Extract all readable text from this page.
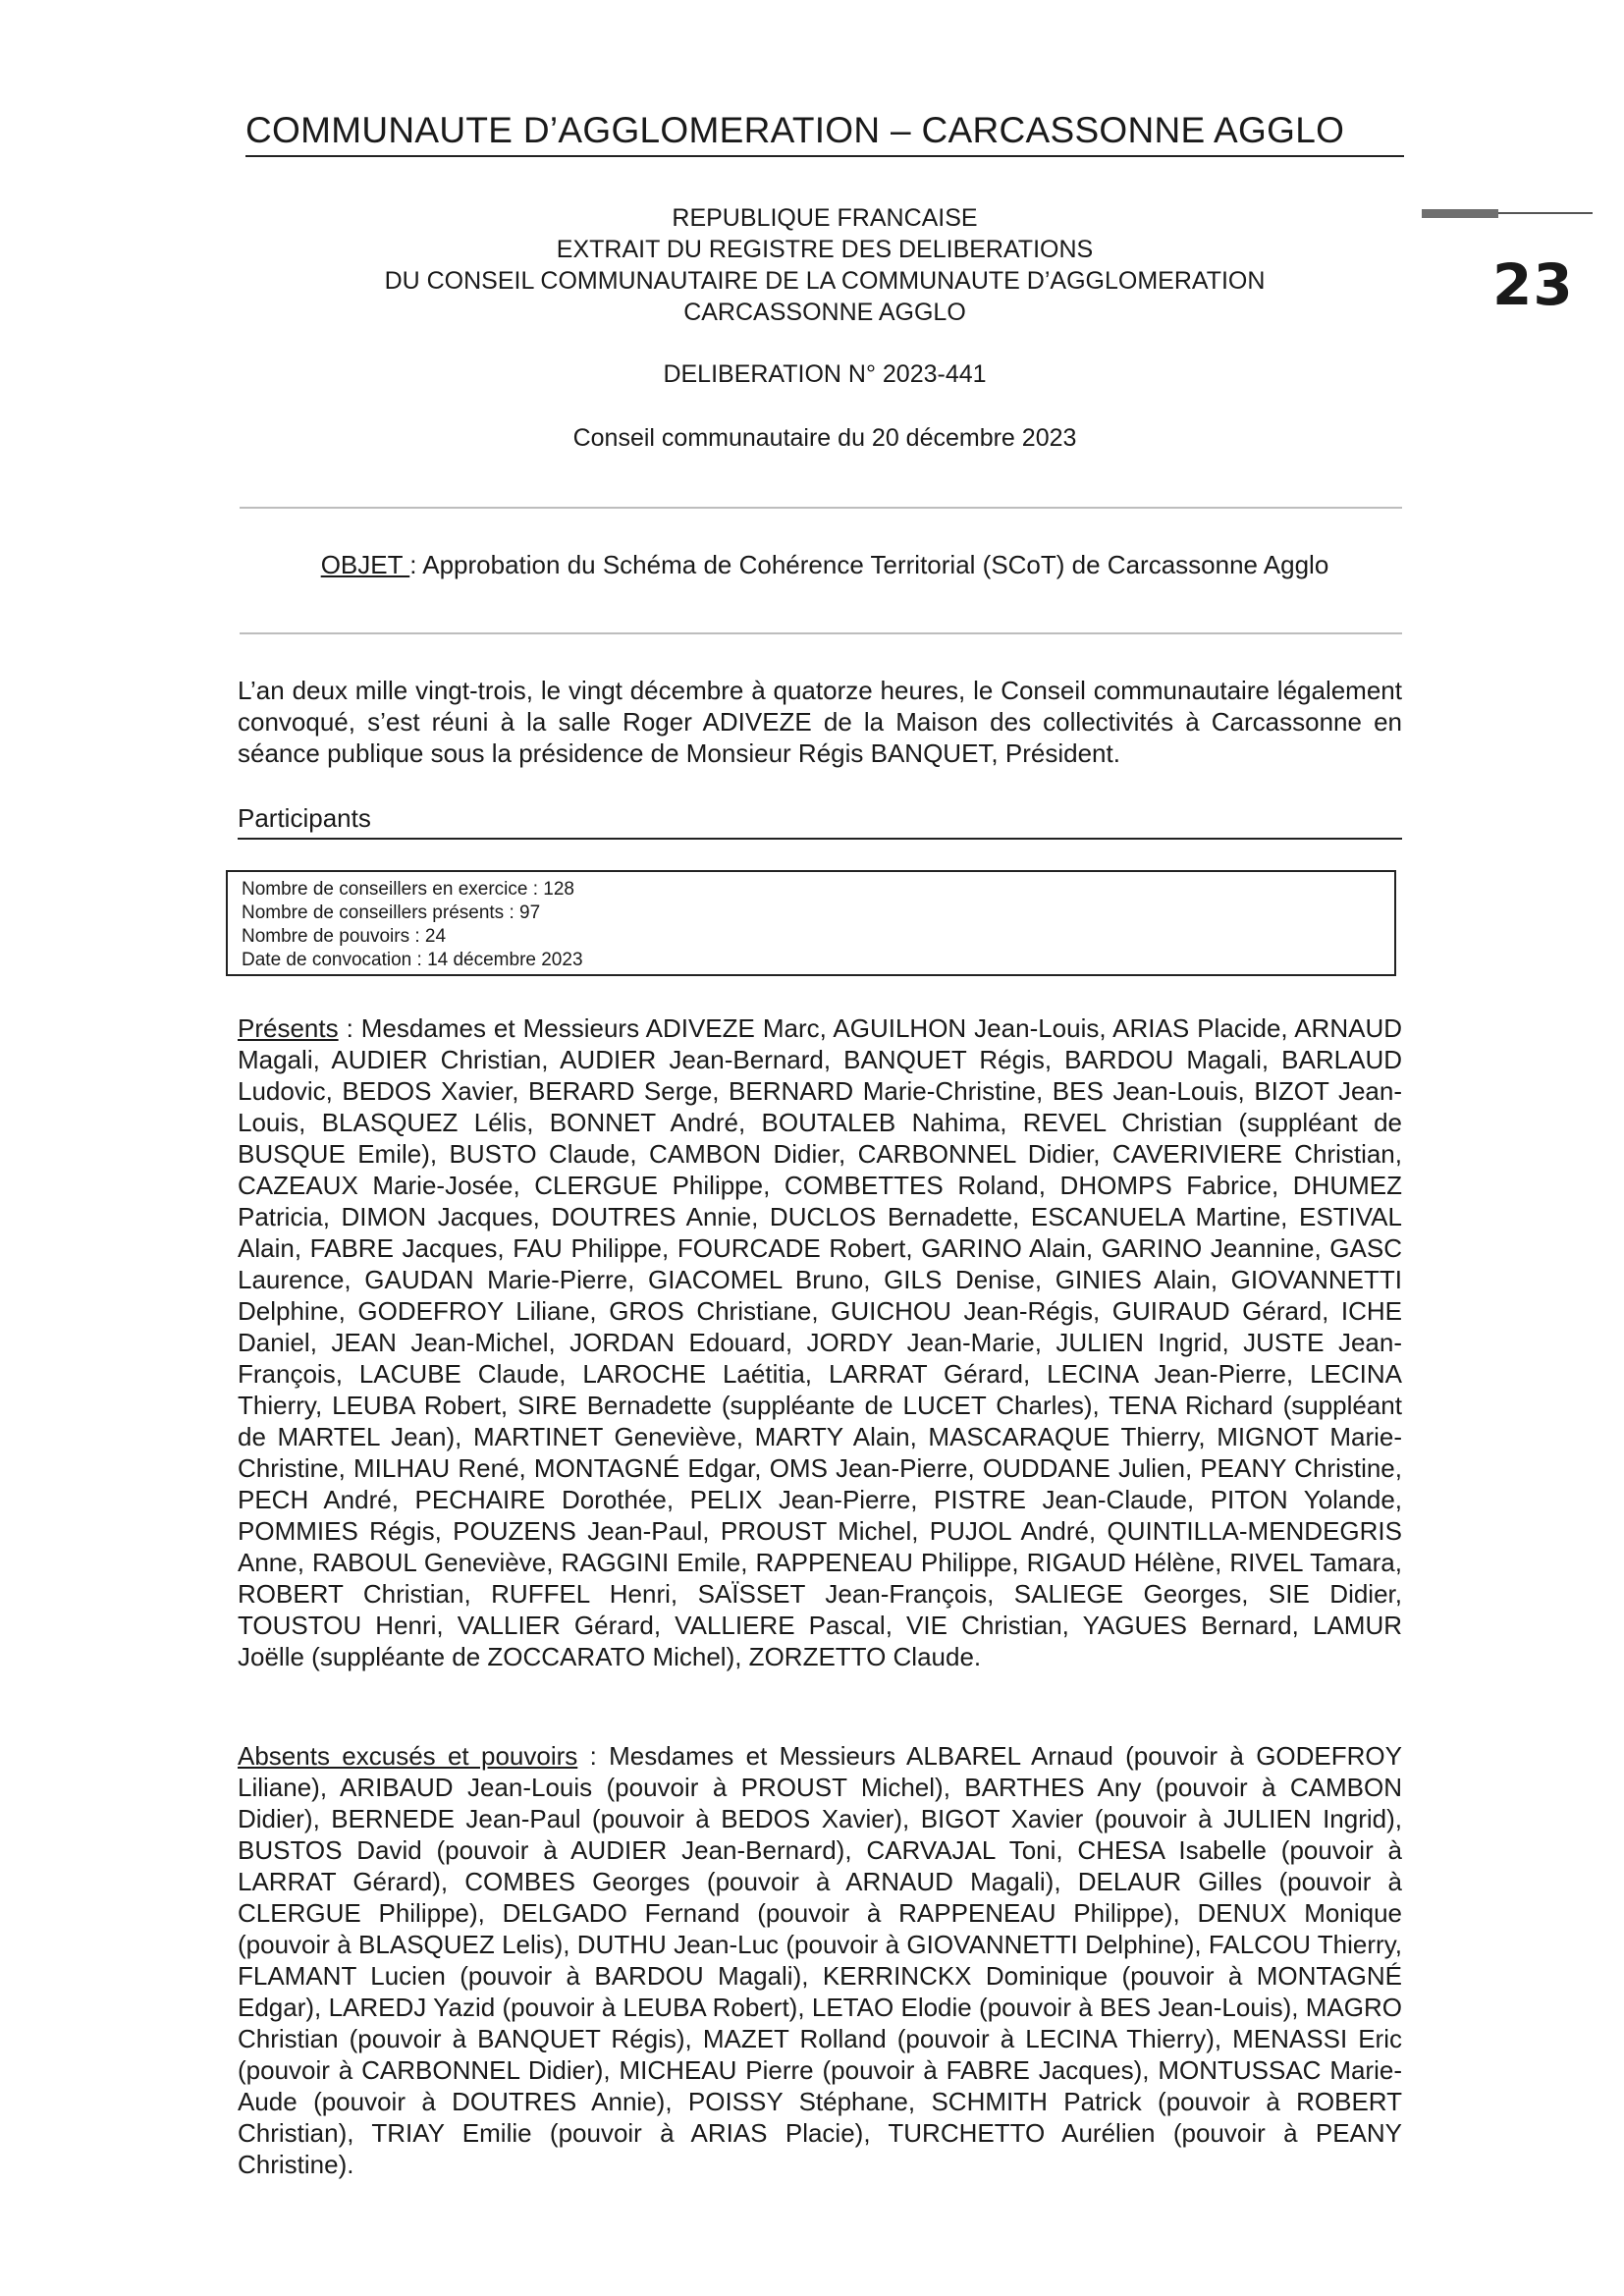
COMMUNAUTE D’AGGLOMERATION – CARCASSONNE AGGLO
REPUBLIQUE FRANCAISE
EXTRAIT DU REGISTRE DES DELIBERATIONS
DU CONSEIL COMMUNAUTAIRE DE LA COMMUNAUTE D’AGGLOMERATION
CARCASSONNE AGGLO
DELIBERATION N° 2023-441
Conseil communautaire du 20 décembre 2023
23
OBJET : Approbation du Schéma de Cohérence Territorial (SCoT) de Carcassonne Agglo
L’an deux mille vingt-trois, le vingt décembre à quatorze heures, le Conseil communautaire légalement convoqué, s’est réuni à la salle Roger ADIVEZE de la Maison des collectivités à Carcassonne en séance publique sous la présidence de Monsieur Régis BANQUET, Président.
Participants
Nombre de conseillers en exercice : 128
Nombre de conseillers présents : 97
Nombre de pouvoirs : 24
Date de convocation : 14 décembre 2023
Présents : Mesdames et Messieurs ADIVEZE Marc, AGUILHON Jean-Louis, ARIAS Placide, ARNAUD Magali, AUDIER Christian, AUDIER Jean-Bernard, BANQUET Régis, BARDOU Magali, BARLAUD Ludovic, BEDOS Xavier, BERARD Serge, BERNARD Marie-Christine, BES Jean-Louis, BIZOT Jean-Louis, BLASQUEZ Lélis, BONNET André, BOUTALEB Nahima, REVEL Christian (suppléant de BUSQUE Emile), BUSTO Claude, CAMBON Didier, CARBONNEL Didier, CAVERIVIERE Christian, CAZEAUX Marie-Josée, CLERGUE Philippe, COMBETTES Roland, DHOMPS Fabrice, DHUMEZ Patricia, DIMON Jacques, DOUTRES Annie, DUCLOS Bernadette, ESCANUELA Martine, ESTIVAL Alain, FABRE Jacques, FAU Philippe, FOURCADE Robert, GARINO Alain, GARINO Jeannine, GASC Laurence, GAUDAN Marie-Pierre, GIACOMEL Bruno, GILS Denise, GINIES Alain, GIOVANNETTI Delphine, GODEFROY Liliane, GROS Christiane, GUICHOU Jean-Régis, GUIRAUD Gérard, ICHE Daniel, JEAN Jean-Michel, JORDAN Edouard, JORDY Jean-Marie, JULIEN Ingrid, JUSTE Jean-François, LACUBE Claude, LAROCHE Laétitia, LARRAT Gérard, LECINA Jean-Pierre, LECINA Thierry, LEUBA Robert, SIRE Bernadette (suppléante de LUCET Charles), TENA Richard (suppléant de MARTEL Jean), MARTINET Geneviève, MARTY Alain, MASCARAQUE Thierry, MIGNOT Marie-Christine, MILHAU René, MONTAGNÉ Edgar, OMS Jean-Pierre, OUDDANE Julien, PEANY Christine, PECH André, PECHAIRE Dorothée, PELIX Jean-Pierre, PISTRE Jean-Claude, PITON Yolande, POMMIES Régis, POUZENS Jean-Paul, PROUST Michel, PUJOL André, QUINTILLA-MENDEGRIS Anne, RABOUL Geneviève, RAGGINI Emile, RAPPENEAU Philippe, RIGAUD Hélène, RIVEL Tamara, ROBERT Christian, RUFFEL Henri, SAÏSSET Jean-François, SALIEGE Georges, SIE Didier, TOUSTOU Henri, VALLIER Gérard, VALLIERE Pascal, VIE Christian, YAGUES Bernard, LAMUR Joëlle (suppléante de ZOCCARATO Michel), ZORZETTO Claude.
Absents excusés et pouvoirs : Mesdames et Messieurs ALBAREL Arnaud (pouvoir à GODEFROY Liliane), ARIBAUD Jean-Louis (pouvoir à PROUST Michel), BARTHES Any (pouvoir à CAMBON Didier), BERNEDE Jean-Paul (pouvoir à BEDOS Xavier), BIGOT Xavier (pouvoir à JULIEN Ingrid), BUSTOS David (pouvoir à AUDIER Jean-Bernard), CARVAJAL Toni, CHESA Isabelle (pouvoir à LARRAT Gérard), COMBES Georges (pouvoir à ARNAUD Magali), DELAUR Gilles (pouvoir à CLERGUE Philippe), DELGADO Fernand (pouvoir à RAPPENEAU Philippe), DENUX Monique (pouvoir à BLASQUEZ Lelis), DUTHU Jean-Luc (pouvoir à GIOVANNETTI Delphine), FALCOU Thierry, FLAMANT Lucien (pouvoir à BARDOU Magali), KERRINCKX Dominique (pouvoir à MONTAGNÉ Edgar), LAREDJ Yazid (pouvoir à LEUBA Robert), LETAO Elodie (pouvoir à BES Jean-Louis), MAGRO Christian (pouvoir à BANQUET Régis), MAZET Rolland (pouvoir à LECINA Thierry), MENASSI Eric (pouvoir à CARBONNEL Didier), MICHEAU Pierre (pouvoir à FABRE Jacques), MONTUSSAC Marie-Aude (pouvoir à DOUTRES Annie), POISSY Stéphane, SCHMITH Patrick (pouvoir à ROBERT Christian), TRIAY Emilie (pouvoir à ARIAS Placie), TURCHETTO Aurélien (pouvoir à PEANY Christine).
